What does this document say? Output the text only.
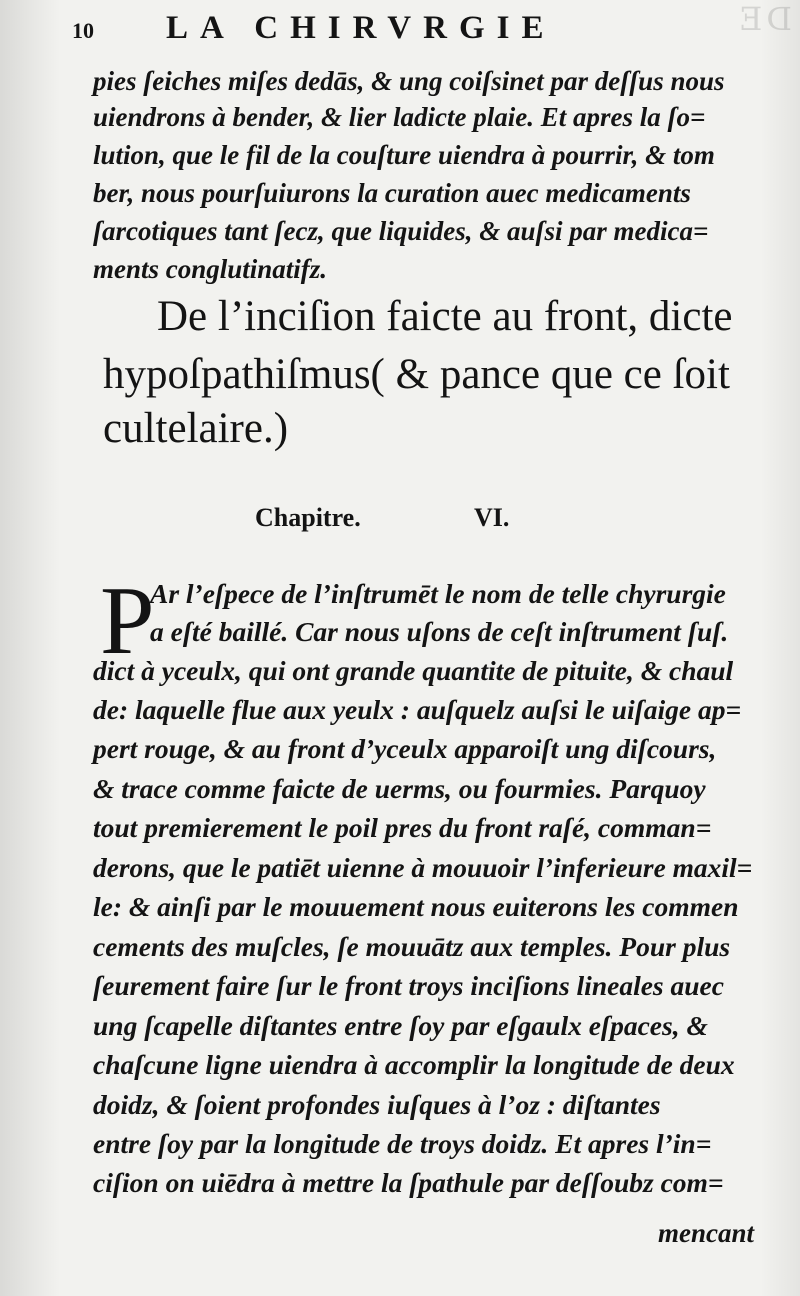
DE
10 LA CHIRVRGIE
pies ſeiches miſes dedās, & ung coiſsinet par deſſus nous
uiendrons à bender, & lier ladicte plaie. Et apres la ſo=
lution, que le fil de la couſture uiendra à pourrir, & tom
ber, nous pourſuiurons la curation auec medicaments
ſarcotiques tant ſecz, que liquides, & auſsi par medica=
ments conglutinatifz.
De l’inciſion faicte au front, dicte
hypoſpathiſmus( & pance que ce ſoit
cultelaire.)
Chapitre.	VI.
P
Ar l’eſpece de l’inſtrumēt le nom de telle chyrurgie
a eſté baillé. Car nous uſons de ceſt inſtrument ſuſ.
dict à yceulx, qui ont grande quantite de pituite, & chaul
de: laquelle flue aux yeulx : auſquelz auſsi le uiſaige ap=
pert rouge, & au front d’yceulx apparoiſt ung diſcours,
& trace comme faicte de uerms, ou fourmies. Parquoy
tout premierement le poil pres du front raſé, comman=
derons, que le patiēt uienne à mouuoir l’inferieure maxil=
le: & ainſi par le mouuement nous euiterons les commen
cements des muſcles, ſe mouuātz aux temples. Pour plus
ſeurement faire ſur le front troys inciſions lineales auec
ung ſcapelle diſtantes entre ſoy par eſgaulx eſpaces, &
chaſcune ligne uiendra à accomplir la longitude de deux
doidz, & ſoient profondes iuſques à l’oz : diſtantes
entre ſoy par la longitude de troys doidz. Et apres l’in=
ciſion on uiēdra à mettre la ſpathule par deſſoubz com=
mencant
